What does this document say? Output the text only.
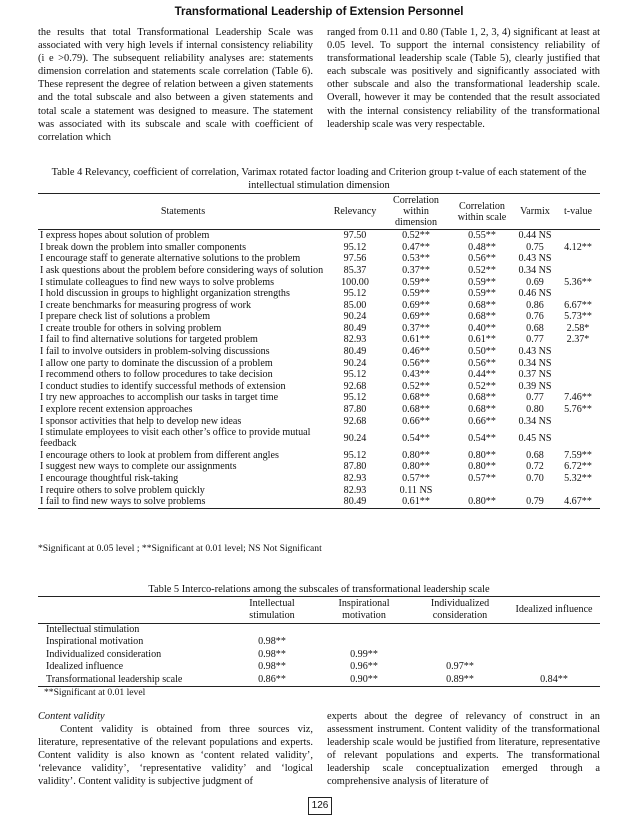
Transformational Leadership of Extension Personnel

the results that total Transformational Leadership Scale was associated with very high levels if internal consistency reliability (i e >0.79). The subsequent reliability analyses are: statements dimension correlation and statements scale correlation (Table 6). These represent the degree of relation between a given statements and the total subscale and also between a given statements and total scale a statement was designed to measure. The statement was associated with its subscale and scale with coefficient of correlation which

ranged from 0.11 and 0.80 (Table 1, 2, 3, 4) significant at least at 0.05 level. To support the internal consistency reliability of transformational leadership scale (Table 5), clearly justified that each subscale was positively and significantly associated with other subscale and also the transformational leadership scale. Overall, however it may be contended that the result associated with the internal consistency reliability of the transformational leadership scale was very respectable.

Table 4 Relevancy, coefficient of correlation, Varimax rotated factor loading and Criterion group t-value of each statement of the intellectual stimulation dimension
Statements	Relevancy	Correlation within dimension	Correlation within scale	Varmix	t-value
I express hopes about solution of problem	97.50	0.52**	0.55**	0.44 NS	
I break down the problem into smaller components	95.12	0.47**	0.48**	0.75	4.12**
I encourage staff to generate alternative solutions to the problem	97.56	0.53**	0.56**	0.43 NS	
I ask questions about the problem before considering ways of solution	85.37	0.37**	0.52**	0.34 NS	
I stimulate colleagues to find new ways to solve problems	100.00	0.59**	0.59**	0.69	5.36**
I hold discussion in groups to highlight organization strengths	95.12	0.59**	0.59**	0.46 NS	
I create benchmarks for measuring progress of work	85.00	0.69**	0.68**	0.86	6.67**
I prepare check list of solutions a problem	90.24	0.69**	0.68**	0.76	5.73**
I create trouble for others in solving problem	80.49	0.37**	0.40**	0.68	2.58*
I fail to find alternative solutions for targeted problem	82.93	0.61**	0.61**	0.77	2.37*
I fail to involve outsiders in problem-solving discussions	80.49	0.46**	0.50**	0.43 NS	
I allow one party to dominate the discussion of a problem	90.24	0.56**	0.56**	0.34 NS	
I recommend others to follow procedures to take decision	95.12	0.43**	0.44**	0.37 NS	
I conduct studies to identify successful methods of extension	92.68	0.52**	0.52**	0.39 NS	
I try new approaches to accomplish our tasks in target time	95.12	0.68**	0.68**	0.77	7.46**
I explore recent extension approaches	87.80	0.68**	0.68**	0.80	5.76**
I sponsor activities that help to develop new ideas	92.68	0.66**	0.66**	0.34 NS	
I stimulate employees to visit each other’s office to provide mutual feedback	90.24	0.54**	0.54**	0.45 NS	
I encourage others to look at problem from different angles	95.12	0.80**	0.80**	0.68	7.59**
I suggest new ways to complete our assignments	87.80	0.80**	0.80**	0.72	6.72**
I encourage thoughtful risk-taking	82.93	0.57**	0.57**	0.70	5.32**
I require others to solve problem quickly	82.93	0.11 NS			
I fail to find new ways to solve problems	80.49	0.61**	0.80**	0.79	4.67**
*Significant at 0.05 level ; **Significant at 0.01 level; NS Not Significant
Table 5 Interco-relations among the subscales of transformational leadership scale
	Intellectual stimulation	Inspirational motivation	Individualized consideration	Idealized influence
Intellectual stimulation				
Inspirational motivation	0.98**			
Individualized consideration	0.98**	0.99**		
Idealized influence	0.98**	0.96**	0.97**	
Transformational leadership scale	0.86**	0.90**	0.89**	0.84**
**Significant at 0.01 level

Content validity

Content validity is obtained from three sources viz, literature, representative of the relevant populations and experts. Content validity is also known as ‘content related validity’, ‘relevance validity’, ‘representative validity’ and ‘logical validity’. Content validity is subjective judgment of

experts about the degree of relevancy of construct in an assessment instrument. Content validity of the transformational leadership scale would be justified from literature, representative of relevant populations and experts. The transformational leadership scale conceptualization emerged through a comprehensive analysis of literature of

126
